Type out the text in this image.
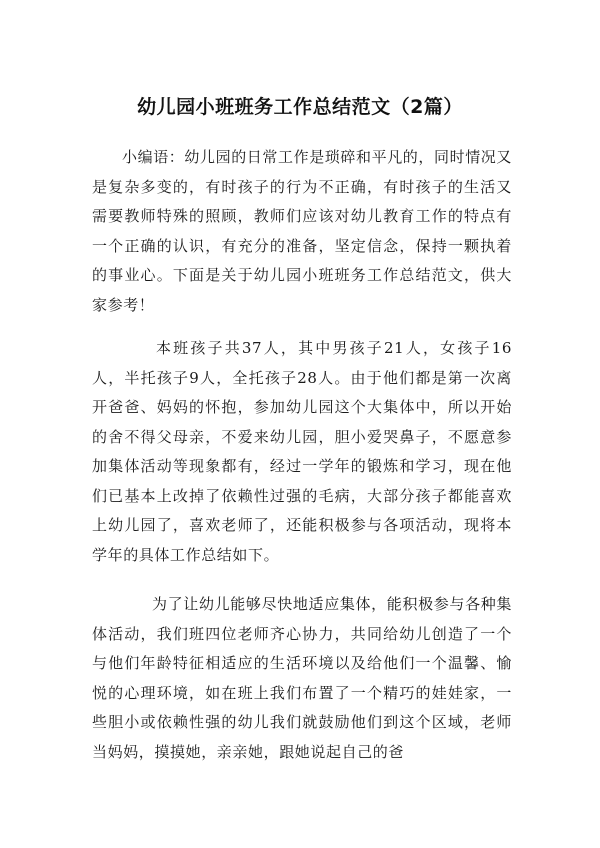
幼儿园小班班务工作总结范文（2篇）
小编语：幼儿园的日常工作是琐碎和平凡的，同时情况又是复杂多变的，有时孩子的行为不正确，有时孩子的生活又需要教师特殊的照顾，教师们应该对幼儿教育工作的特点有一个正确的认识，有充分的准备，坚定信念，保持一颗执着的事业心。下面是关于幼儿园小班班务工作总结范文，供大家参考！
本班孩子共37人，其中男孩子21人，女孩子16人，半托孩子9人，全托孩子28人。由于他们都是第一次离开爸爸、妈妈的怀抱，参加幼儿园这个大集体中，所以开始的舍不得父母亲，不爱来幼儿园，胆小爱哭鼻子，不愿意参加集体活动等现象都有，经过一学年的锻炼和学习，现在他们已基本上改掉了依赖性过强的毛病，大部分孩子都能喜欢上幼儿园了，喜欢老师了，还能积极参与各项活动，现将本学年的具体工作总结如下。
为了让幼儿能够尽快地适应集体，能积极参与各种集体活动，我们班四位老师齐心协力，共同给幼儿创造了一个与他们年龄特征相适应的生活环境以及给他们一个温馨、愉悦的心理环境，如在班上我们布置了一个精巧的娃娃家，一些胆小或依赖性强的幼儿我们就鼓励他们到这个区域，老师当妈妈，摸摸她，亲亲她，跟她说起自己的爸
